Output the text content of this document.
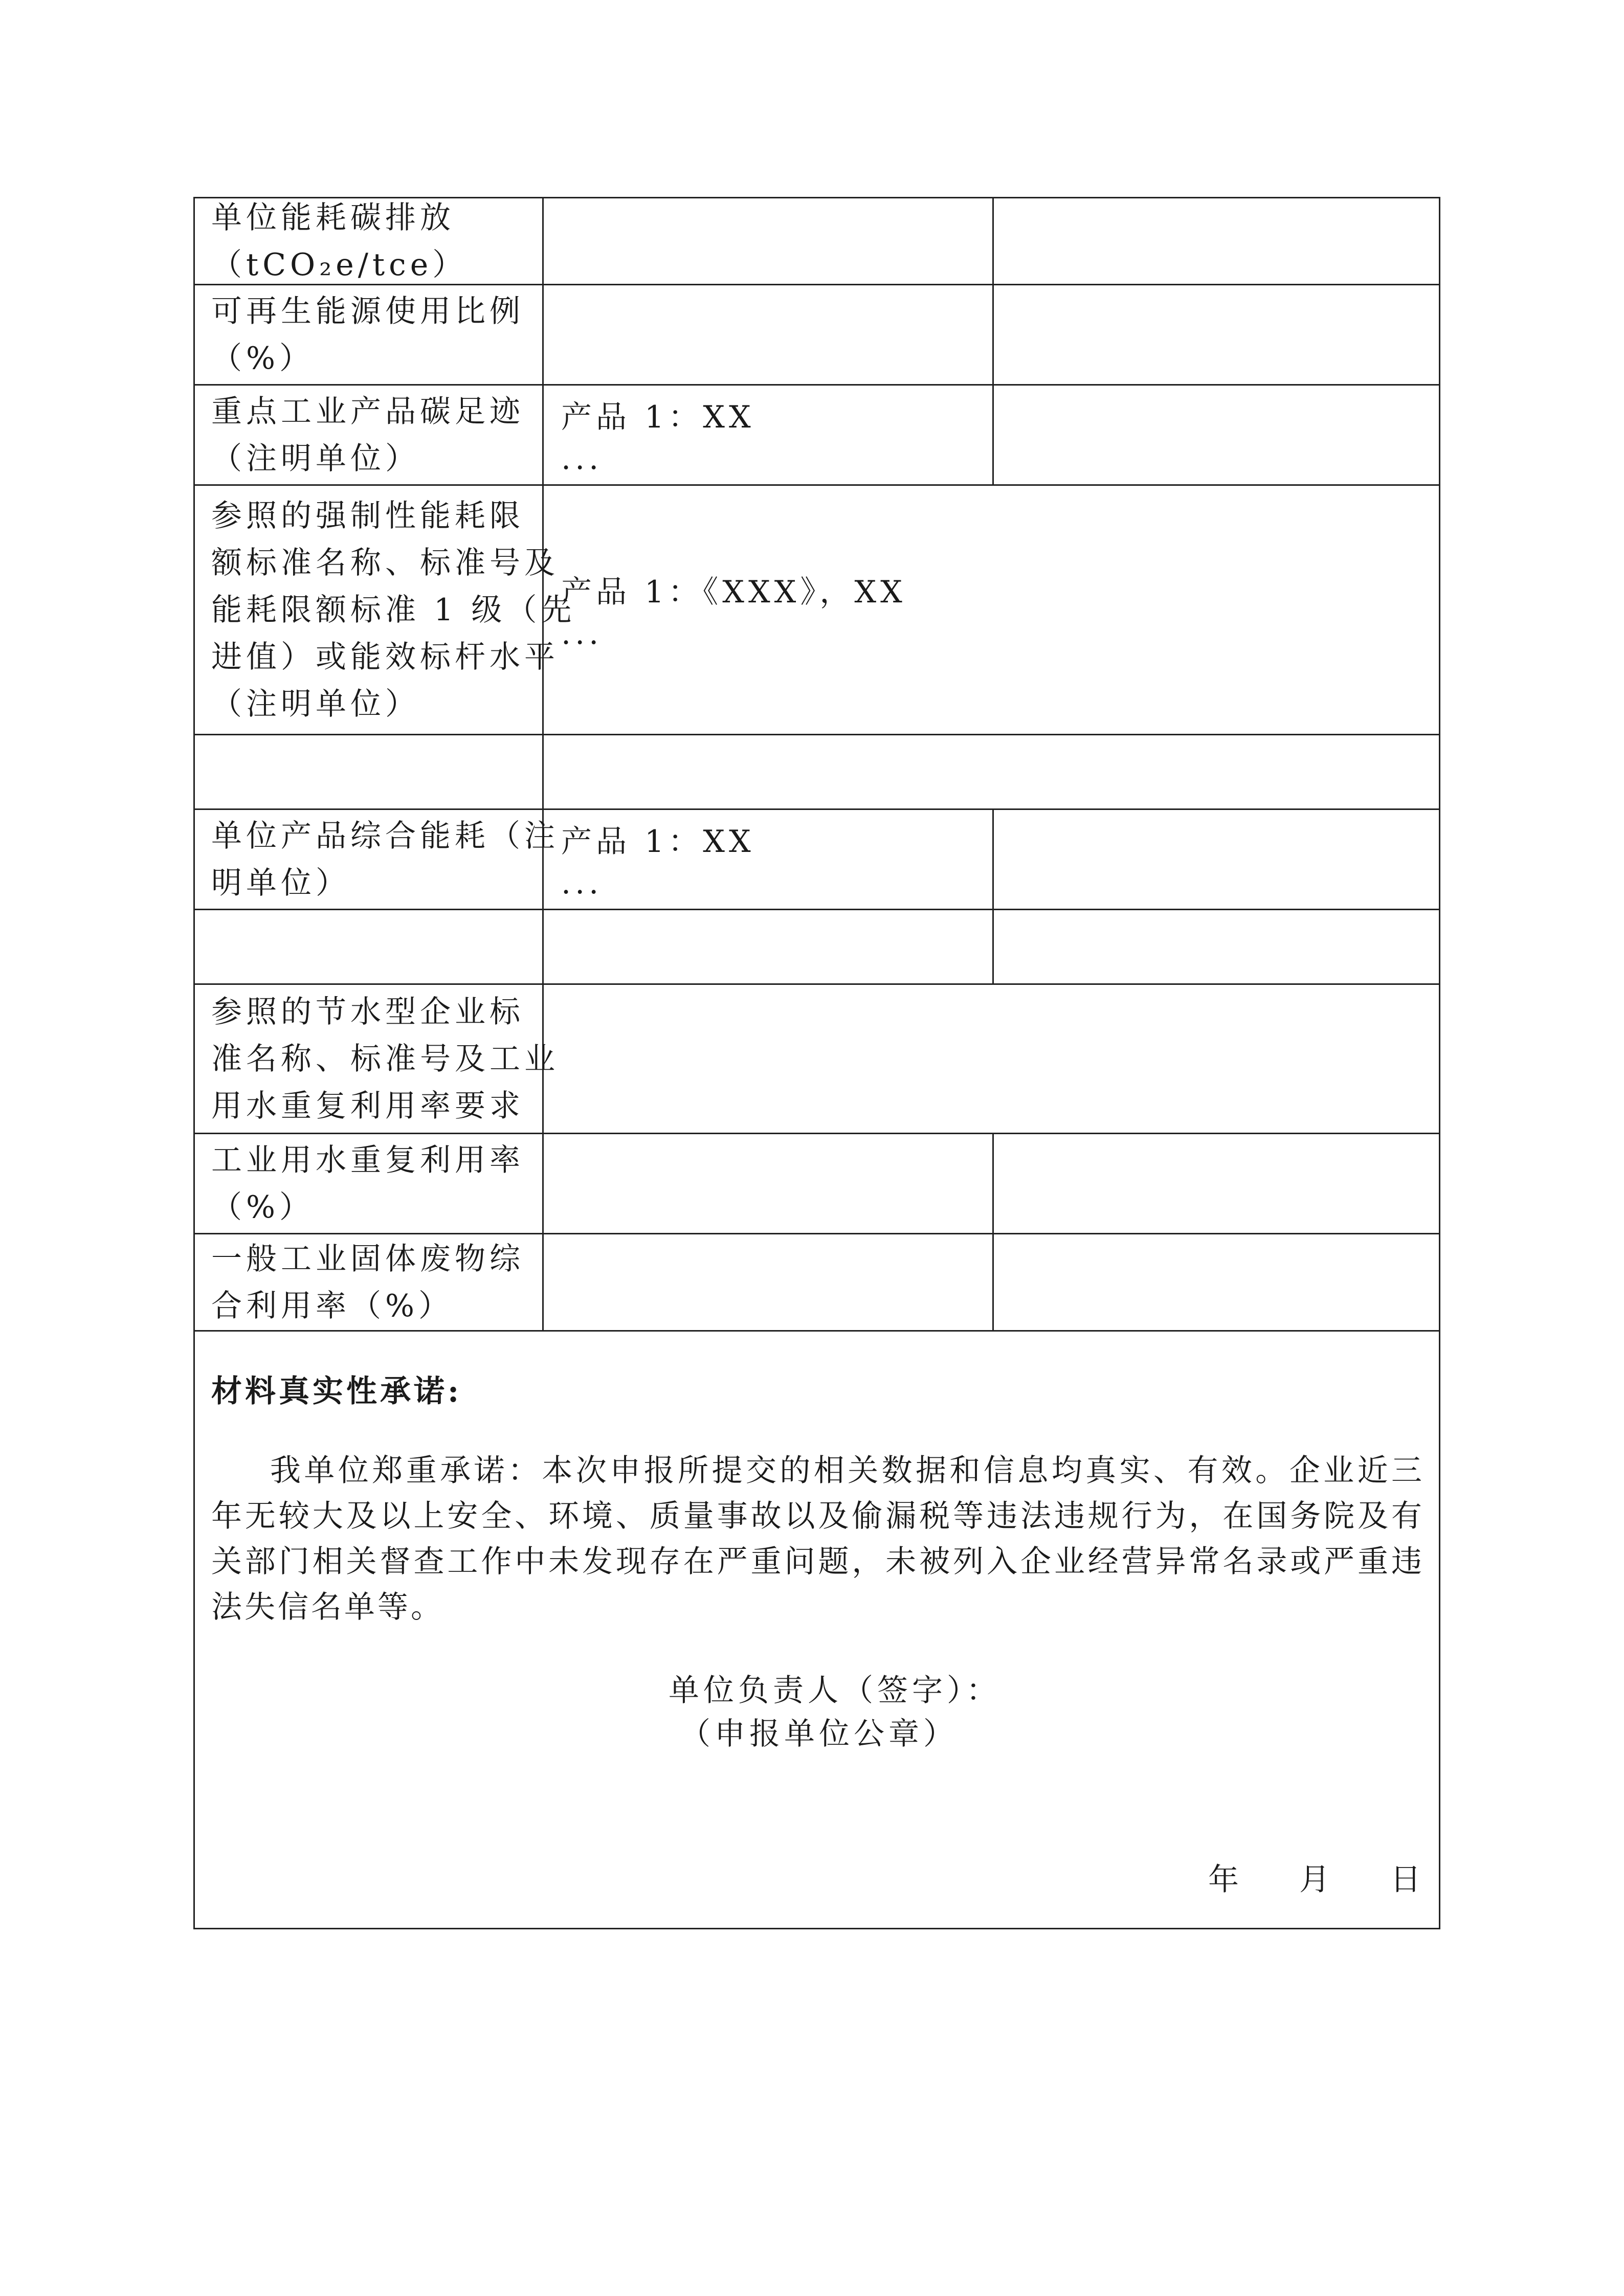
单位能耗碳排放
（tCO₂e/tce）
可再生能源使用比例
（%）
重点工业产品碳足迹
（注明单位）
产品 1：XX
...
参照的强制性能耗限
额标准名称、标准号及
能耗限额标准 1 级（先
进值）或能效标杆水平
（注明单位）
产品 1：《XXX》，XX
...
单位产品综合能耗（注
明单位）
产品 1：XX
...
参照的节水型企业标
准名称、标准号及工业
用水重复利用率要求
工业用水重复利用率
（%）
一般工业固体废物综
合利用率（%）
材料真实性承诺:
我单位郑重承诺：本次申报所提交的相关数据和信息均真实、有效。企业近三年无较大及以上安全、环境、质量事故以及偷漏税等违法违规行为，在国务院及有关部门相关督查工作中未发现存在严重问题，未被列入企业经营异常名录或严重违法失信名单等。
单位负责人（签字）：
（申报单位公章）
年 月 日
